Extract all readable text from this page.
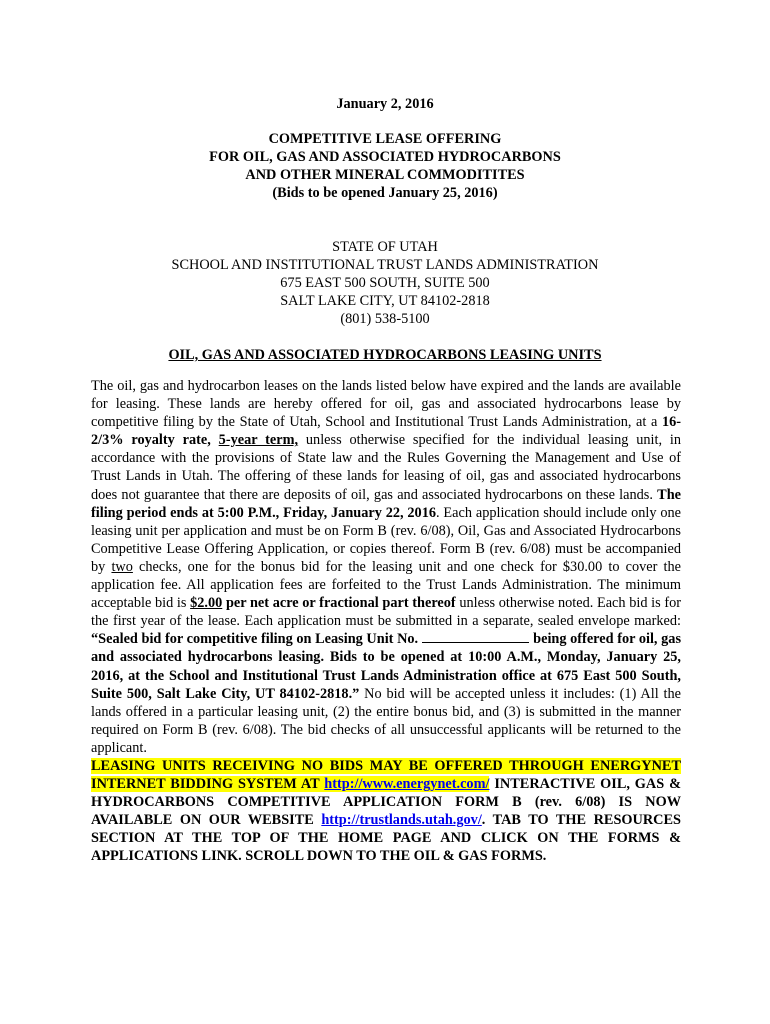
January 2, 2016
COMPETITIVE LEASE OFFERING
FOR OIL, GAS AND ASSOCIATED HYDROCARBONS
AND OTHER MINERAL COMMODITITES
(Bids to be opened January 25, 2016)
STATE OF UTAH
SCHOOL AND INSTITUTIONAL TRUST LANDS ADMINISTRATION
675 EAST 500 SOUTH, SUITE 500
SALT LAKE CITY, UT 84102-2818
(801) 538-5100
OIL, GAS AND ASSOCIATED HYDROCARBONS LEASING UNITS
The oil, gas and hydrocarbon leases on the lands listed below have expired and the lands are available for leasing. These lands are hereby offered for oil, gas and associated hydrocarbons lease by competitive filing by the State of Utah, School and Institutional Trust Lands Administration, at a 16-2/3% royalty rate, 5-year term, unless otherwise specified for the individual leasing unit, in accordance with the provisions of State law and the Rules Governing the Management and Use of Trust Lands in Utah. The offering of these lands for leasing of oil, gas and associated hydrocarbons does not guarantee that there are deposits of oil, gas and associated hydrocarbons on these lands. The filing period ends at 5:00 P.M., Friday, January 22, 2016. Each application should include only one leasing unit per application and must be on Form B (rev. 6/08), Oil, Gas and Associated Hydrocarbons Competitive Lease Offering Application, or copies thereof. Form B (rev. 6/08) must be accompanied by two checks, one for the bonus bid for the leasing unit and one check for $30.00 to cover the application fee. All application fees are forfeited to the Trust Lands Administration. The minimum acceptable bid is $2.00 per net acre or fractional part thereof unless otherwise noted. Each bid is for the first year of the lease. Each application must be submitted in a separate, sealed envelope marked: “Sealed bid for competitive filing on Leasing Unit No.	being offered for oil, gas and associated hydrocarbons leasing. Bids to be opened at 10:00 A.M., Monday, January 25, 2016, at the School and Institutional Trust Lands Administration office at 675 East 500 South, Suite 500, Salt Lake City, UT 84102-2818.” No bid will be accepted unless it includes: (1) All the lands offered in a particular leasing unit, (2) the entire bonus bid, and (3) is submitted in the manner required on Form B (rev. 6/08). The bid checks of all unsuccessful applicants will be returned to the applicant.
LEASING UNITS RECEIVING NO BIDS MAY BE OFFERED THROUGH ENERGYNET INTERNET BIDDING SYSTEM AT http://www.energynet.com/ INTERACTIVE OIL, GAS & HYDROCARBONS COMPETITIVE APPLICATION FORM B (rev. 6/08) IS NOW AVAILABLE ON OUR WEBSITE http://trustlands.utah.gov/. TAB TO THE RESOURCES SECTION AT THE TOP OF THE HOME PAGE AND CLICK ON THE FORMS & APPLICATIONS LINK. SCROLL DOWN TO THE OIL & GAS FORMS.
